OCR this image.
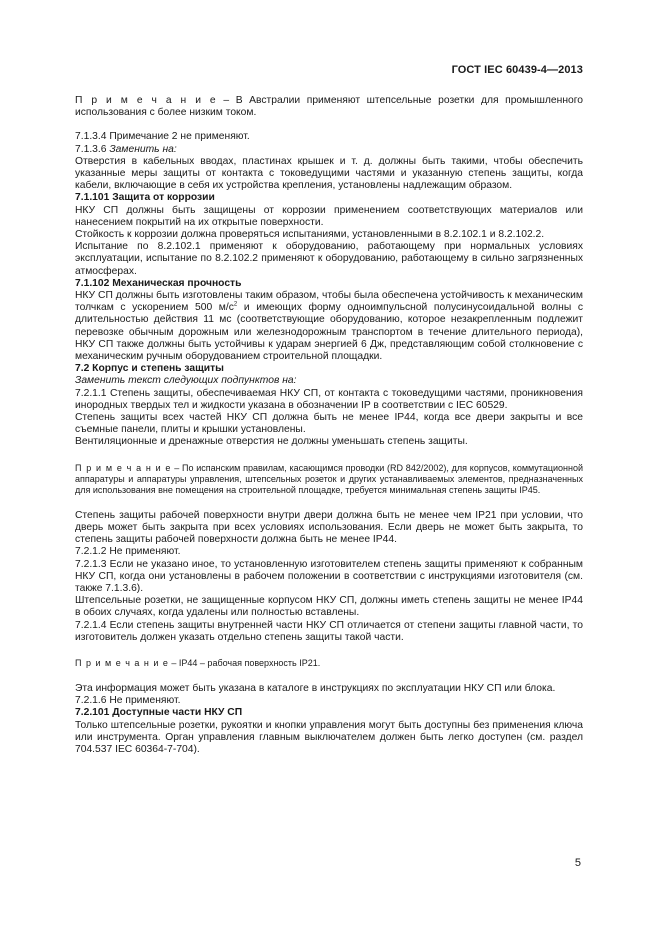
ГОСТ IEC 60439-4—2013

П р и м е ч а н и е – В Австралии применяют штепсельные розетки для промышленного использования с более низким током.

7.1.3.4 Примечание 2 не применяют.

7.1.3.6 Заменить на:

Отверстия в кабельных вводах, пластинах крышек и т. д. должны быть такими, чтобы обеспечить указанные меры защиты от контакта с токоведущими частями и указанную степень защиты, когда кабели, включающие в себя их устройства крепления, установлены надлежащим образом.

7.1.101 Защита от коррозии

НКУ СП должны быть защищены от коррозии применением соответствующих материалов или нанесением покрытий на их открытые поверхности.

Стойкость к коррозии должна проверяться испытаниями, установленными в 8.2.102.1 и 8.2.102.2.

Испытание по 8.2.102.1 применяют к оборудованию, работающему при нормальных условиях эксплуатации, испытание по 8.2.102.2 применяют к оборудованию, работающему в сильно загрязненных атмосферах.

7.1.102 Механическая прочность

НКУ СП должны быть изготовлены таким образом, чтобы была обеспечена устойчивость к механическим толчкам с ускорением 500 $м/с^2$ и имеющих форму одноимпульсной полусинусоидальной волны с длительностью действия 11 мс (соответствующие оборудованию, которое незакрепленным подлежит перевозке обычным дорожным или железнодорожным транспортом в течение длительного периода), НКУ СП также должны быть устойчивы к ударам энергией 6 Дж, представляющим собой столкновение с механическим ручным оборудованием строительной площадки.

7.2 Корпус и степень защиты

Заменить текст следующих подпунктов на:

7.2.1.1 Степень защиты, обеспечиваемая НКУ СП, от контакта с токоведущими частями, проникновения инородных твердых тел и жидкости указана в обозначении IP в соответствии с IEC 60529.

Степень защиты всех частей НКУ СП должна быть не менее IP44, когда все двери закрыты и все съемные панели, плиты и крышки установлены.

Вентиляционные и дренажные отверстия не должны уменьшать степень защиты.

П р и м е ч а н и е – По испанским правилам, касающимся проводки (RD 842/2002), для корпусов, коммутационной аппаратуры и аппаратуры управления, штепсельных розеток и других устанавливаемых элементов, предназначенных для использования вне помещения на строительной площадке, требуется минимальная степень защиты IP45.

Степень защиты рабочей поверхности внутри двери должна быть не менее чем IP21 при условии, что дверь может быть закрыта при всех условиях использования. Если дверь не может быть закрыта, то степень защиты рабочей поверхности должна быть не менее IP44.

7.2.1.2 Не применяют.

7.2.1.3 Если не указано иное, то установленную изготовителем степень защиты применяют к собранным НКУ СП, когда они установлены в рабочем положении в соответствии с инструкциями изготовителя (см. также 7.1.3.6).

Штепсельные розетки, не защищенные корпусом НКУ СП, должны иметь степень защиты не менее IP44 в обоих случаях, когда удалены или полностью вставлены.

7.2.1.4 Если степень защиты внутренней части НКУ СП отличается от степени защиты главной части, то изготовитель должен указать отдельно степень защиты такой части.

П р и м е ч а н и е – IP44 – рабочая поверхность IP21.

Эта информация может быть указана в каталоге в инструкциях по эксплуатации НКУ СП или блока.

7.2.1.6 Не применяют.

7.2.101 Доступные части НКУ СП

Только штепсельные розетки, рукоятки и кнопки управления могут быть доступны без применения ключа или инструмента. Орган управления главным выключателем должен быть легко доступен (см. раздел 704.537 IEC 60364-7-704).

5
